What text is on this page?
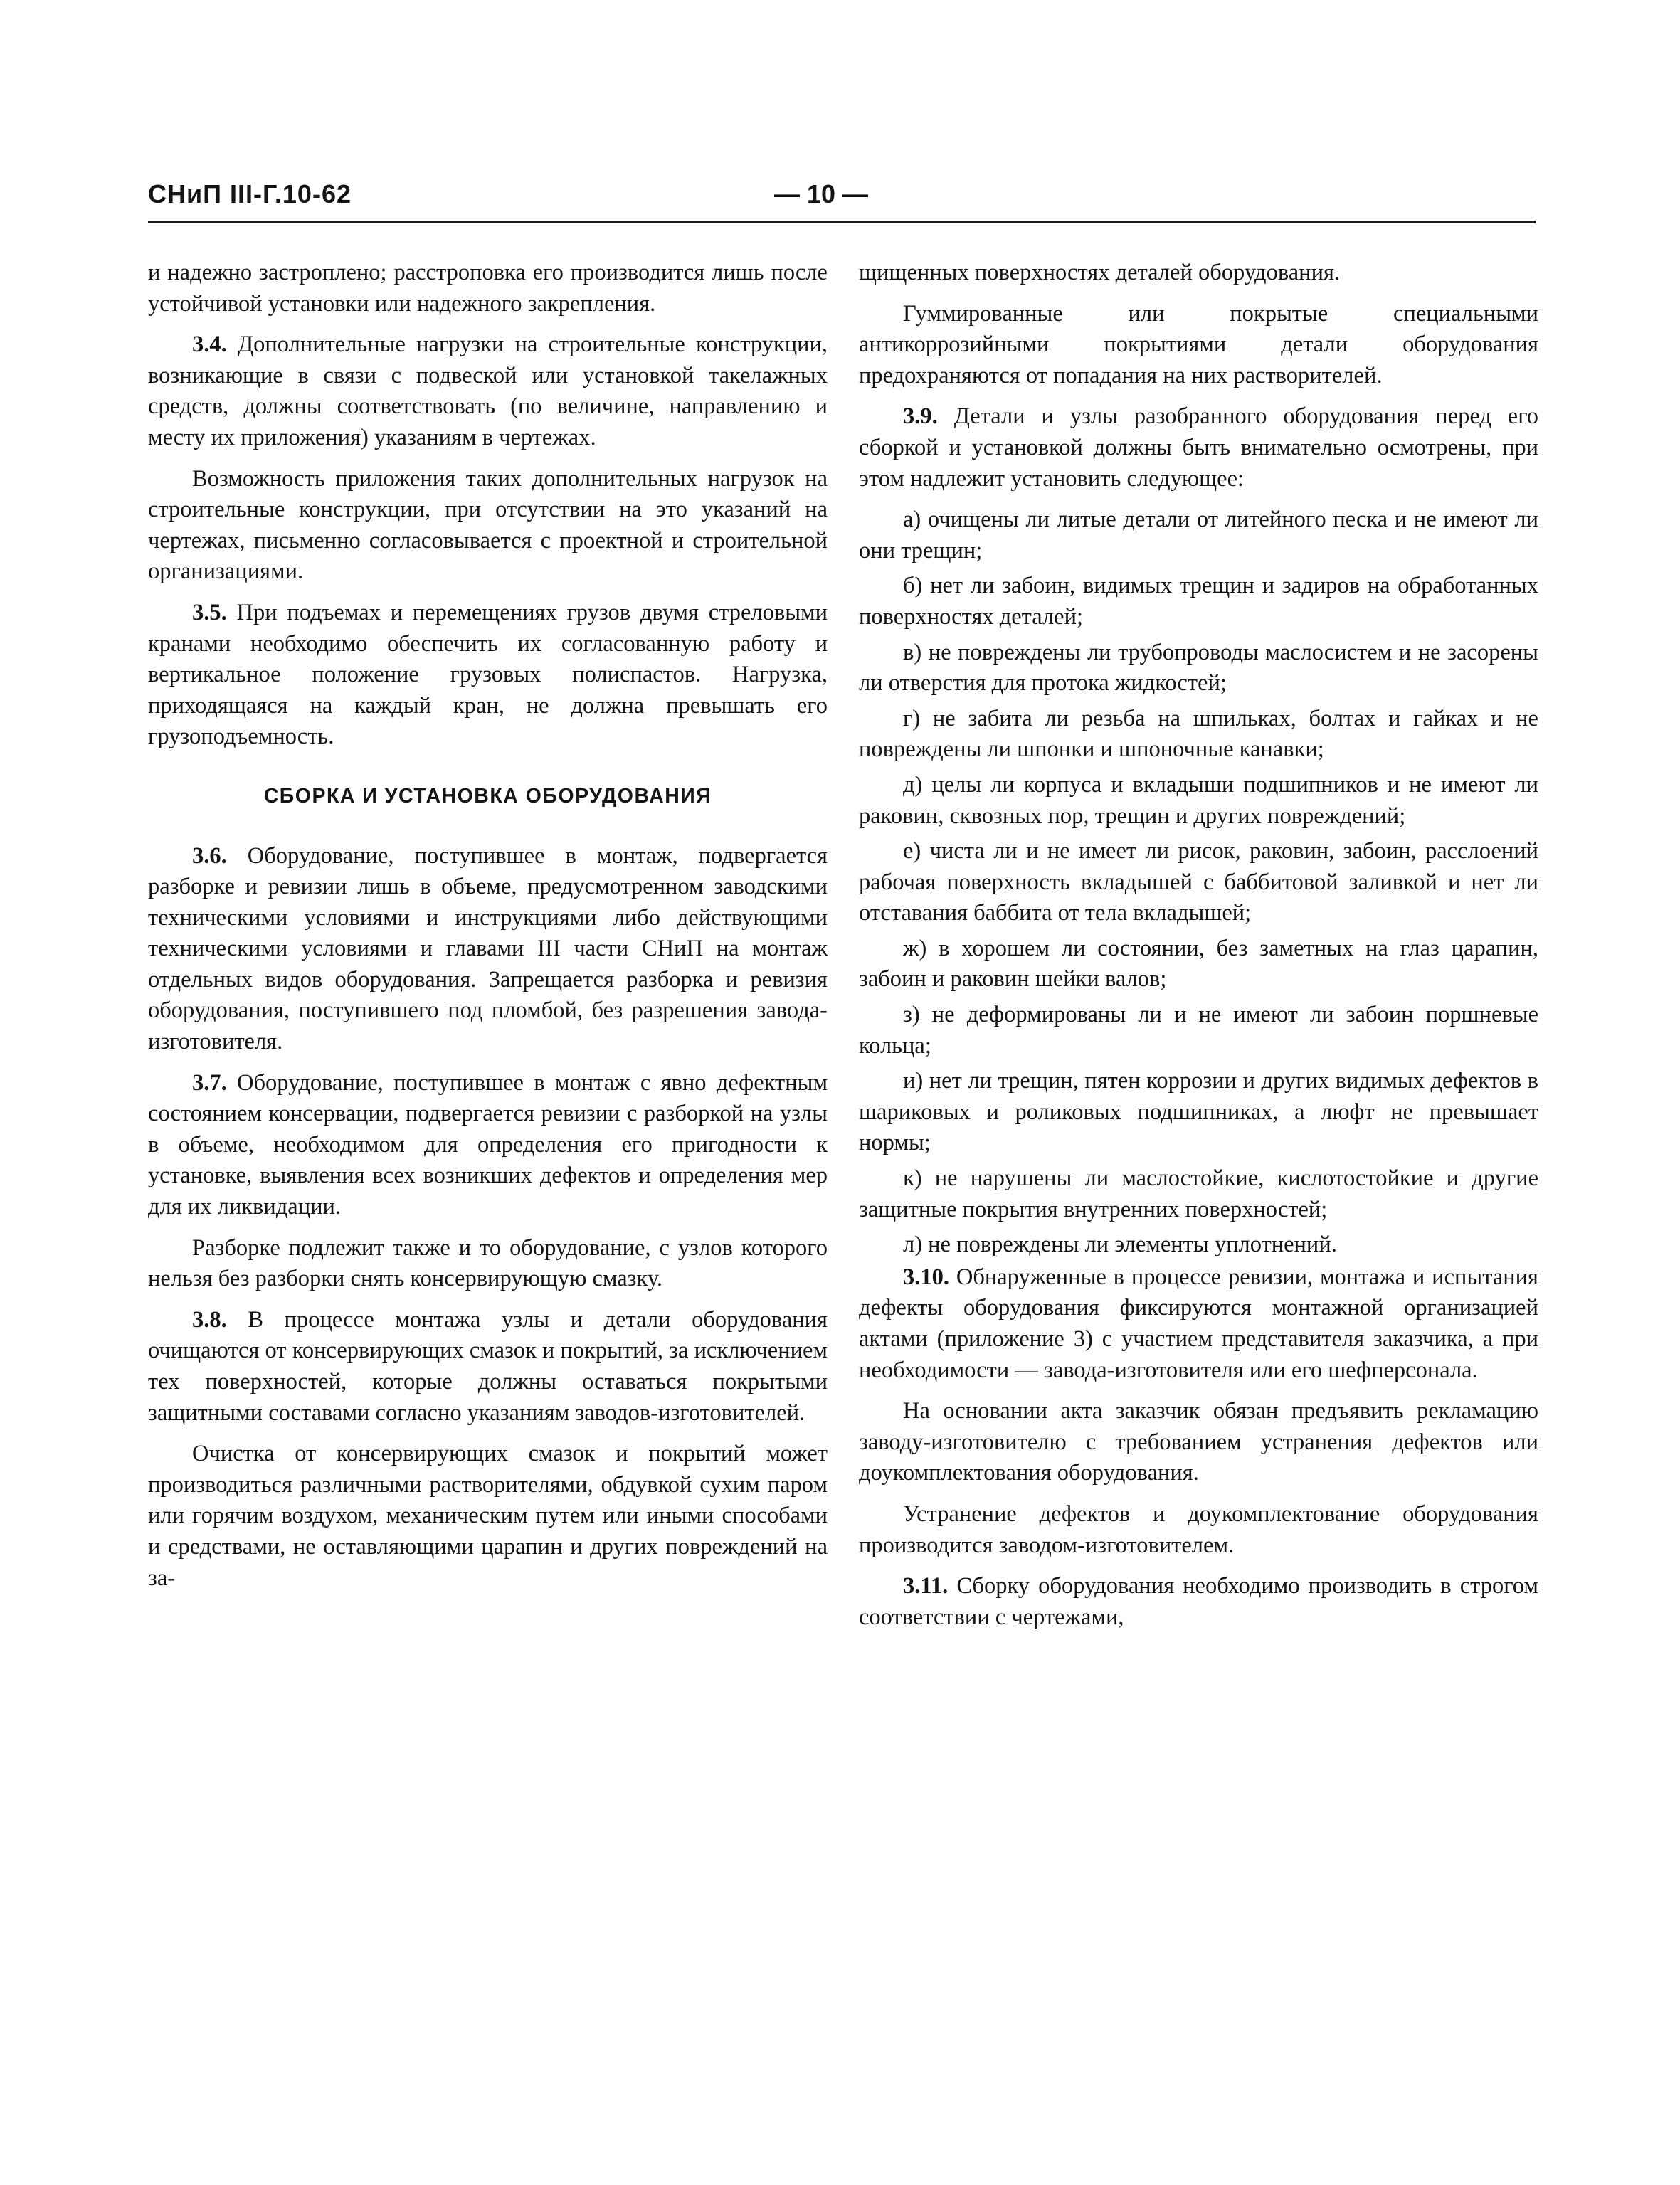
СНиП III-Г.10-62	— 10 —

и надежно застроплено; расстроповка его производится лишь после устойчивой установки или надежного закрепления.

3.4. Дополнительные нагрузки на строительные конструкции, возникающие в связи с подвеской или установкой такелажных средств, должны соответствовать (по величине, направлению и месту их приложения) указаниям в чертежах.

Возможность приложения таких дополнительных нагрузок на строительные конструкции, при отсутствии на это указаний на чертежах, письменно согласовывается с проектной и строительной организациями.

3.5. При подъемах и перемещениях грузов двумя стреловыми кранами необходимо обеспечить их согласованную работу и вертикальное положение грузовых полиспастов. Нагрузка, приходящаяся на каждый кран, не должна превышать его грузоподъемность.

СБОРКА И УСТАНОВКА ОБОРУДОВАНИЯ

3.6. Оборудование, поступившее в монтаж, подвергается разборке и ревизии лишь в объеме, предусмотренном заводскими техническими условиями и инструкциями либо действующими техническими условиями и главами III части СНиП на монтаж отдельных видов оборудования. Запрещается разборка и ревизия оборудования, поступившего под пломбой, без разрешения завода-изготовителя.

3.7. Оборудование, поступившее в монтаж с явно дефектным состоянием консервации, подвергается ревизии с разборкой на узлы в объеме, необходимом для определения его пригодности к установке, выявления всех возникших дефектов и определения мер для их ликвидации.

Разборке подлежит также и то оборудование, с узлов которого нельзя без разборки снять консервирующую смазку.

3.8. В процессе монтажа узлы и детали оборудования очищаются от консервирующих смазок и покрытий, за исключением тех поверхностей, которые должны оставаться покрытыми защитными составами согласно указаниям заводов-изготовителей.

Очистка от консервирующих смазок и покрытий может производиться различными растворителями, обдувкой сухим паром или горячим воздухом, механическим путем или иными способами и средствами, не оставляющими царапин и других повреждений на за-

щищенных поверхностях деталей оборудования.

Гуммированные или покрытые специальными антикоррозийными покрытиями детали оборудования предохраняются от попадания на них растворителей.

3.9. Детали и узлы разобранного оборудования перед его сборкой и установкой должны быть внимательно осмотрены, при этом надлежит установить следующее:

а) очищены ли литые детали от литейного песка и не имеют ли они трещин;

б) нет ли забоин, видимых трещин и задиров на обработанных поверхностях деталей;

в) не повреждены ли трубопроводы маслосистем и не засорены ли отверстия для протока жидкостей;

г) не забита ли резьба на шпильках, болтах и гайках и не повреждены ли шпонки и шпоночные канавки;

д) целы ли корпуса и вкладыши подшипников и не имеют ли раковин, сквозных пор, трещин и других повреждений;

е) чиста ли и не имеет ли рисок, раковин, забоин, расслоений рабочая поверхность вкладышей с баббитовой заливкой и нет ли отставания баббита от тела вкладышей;

ж) в хорошем ли состоянии, без заметных на глаз царапин, забоин и раковин шейки валов;

з) не деформированы ли и не имеют ли забоин поршневые кольца;

и) нет ли трещин, пятен коррозии и других видимых дефектов в шариковых и роликовых подшипниках, а люфт не превышает нормы;

к) не нарушены ли маслостойкие, кислотостойкие и другие защитные покрытия внутренних поверхностей;

л) не повреждены ли элементы уплотнений.

3.10. Обнаруженные в процессе ревизии, монтажа и испытания дефекты оборудования фиксируются монтажной организацией актами (приложение 3) с участием представителя заказчика, а при необходимости — завода-изготовителя или его шефперсонала.

На основании акта заказчик обязан предъявить рекламацию заводу-изготовителю с требованием устранения дефектов или доукомплектования оборудования.

Устранение дефектов и доукомплектование оборудования производится заводом-изготовителем.

3.11. Сборку оборудования необходимо производить в строгом соответствии с чертежами,
